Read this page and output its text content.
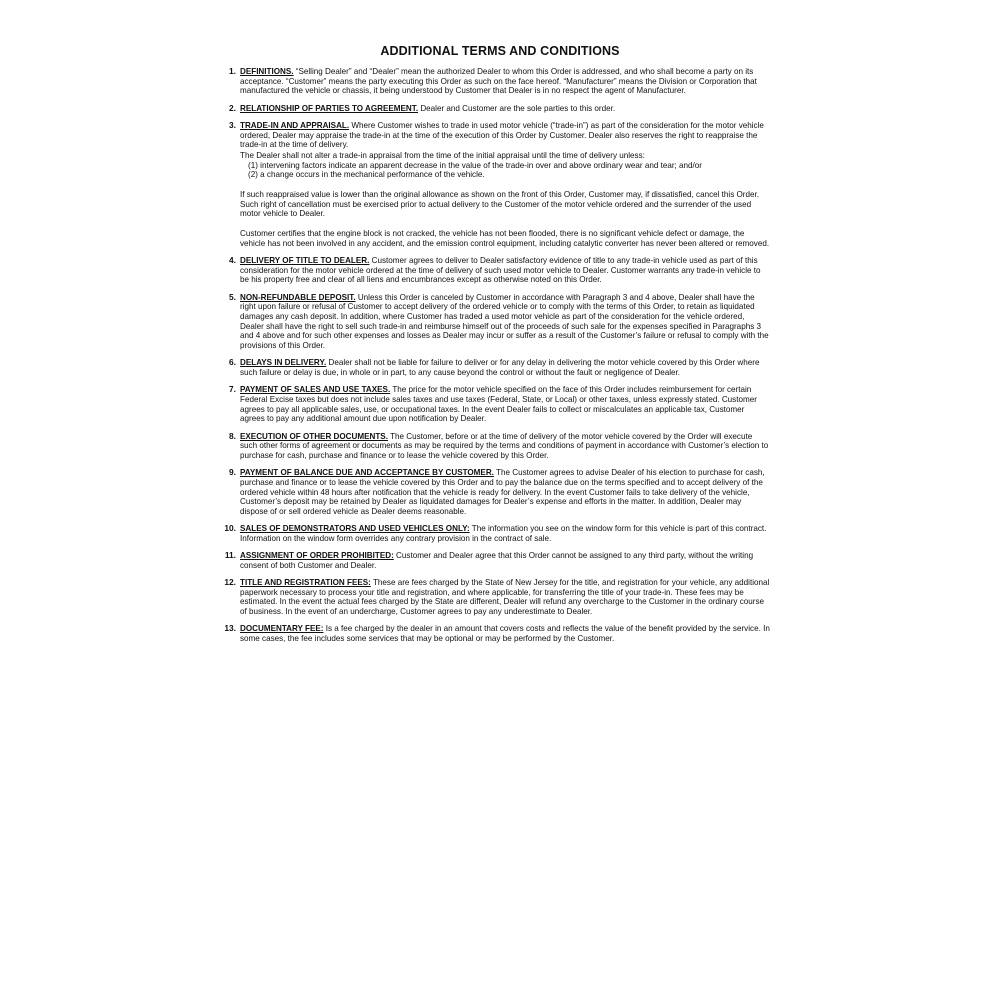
ADDITIONAL TERMS AND CONDITIONS
1. DEFINITIONS. “Selling Dealer” and “Dealer” mean the authorized Dealer to whom this Order is addressed, and who shall become a party on its acceptance. “Customer” means the party executing this Order as such on the face hereof. “Manufacturer” means the Division or Corporation that manufactured the vehicle or chassis, it being understood by Customer that Dealer is in no respect the agent of Manufacturer.
2. RELATIONSHIP OF PARTIES TO AGREEMENT. Dealer and Customer are the sole parties to this order.
3. TRADE-IN AND APPRAISAL. Where Customer wishes to trade in used motor vehicle (“trade-in”) as part of the consideration for the motor vehicle ordered, Dealer may appraise the trade-in at the time of the execution of this Order by Customer. Dealer also reserves the right to reappraise the trade-in at the time of delivery.
The Dealer shall not alter a trade-in appraisal from the time of the initial appraisal until the time of delivery unless:
(1) intervening factors indicate an apparent decrease in the value of the trade-in over and above ordinary wear and tear; and/or
(2) a change occurs in the mechanical performance of the vehicle.
If such reappraised value is lower than the original allowance as shown on the front of this Order, Customer may, if dissatisfied, cancel this Order. Such right of cancellation must be exercised prior to actual delivery to the Customer of the motor vehicle ordered and the surrender of the used motor vehicle to Dealer.
Customer certifies that the engine block is not cracked, the vehicle has not been flooded, there is no significant vehicle defect or damage, the vehicle has not been involved in any accident, and the emission control equipment, including catalytic converter has never been altered or removed.
4. DELIVERY OF TITLE TO DEALER. Customer agrees to deliver to Dealer satisfactory evidence of title to any trade-in vehicle used as part of this consideration for the motor vehicle ordered at the time of delivery of such used motor vehicle to Dealer. Customer warrants any trade-in vehicle to be his property free and clear of all liens and encumbrances except as otherwise noted on this Order.
5. NON-REFUNDABLE DEPOSIT. Unless this Order is canceled by Customer in accordance with Paragraph 3 and 4 above, Dealer shall have the right upon failure or refusal of Customer to accept delivery of the ordered vehicle or to comply with the terms of this Order, to retain as liquidated damages any cash deposit. In addition, where Customer has traded a used motor vehicle as part of the consideration for the vehicle ordered, Dealer shall have the right to sell such trade-in and reimburse himself out of the proceeds of such sale for the expenses specified in Paragraphs 3 and 4 above and for such other expenses and losses as Dealer may incur or suffer as a result of the Customer’s failure or refusal to comply with the provisions of this Order.
6. DELAYS IN DELIVERY. Dealer shall not be liable for failure to deliver or for any delay in delivering the motor vehicle covered by this Order where such failure or delay is due, in whole or in part, to any cause beyond the control or without the fault or negligence of Dealer.
7. PAYMENT OF SALES AND USE TAXES. The price for the motor vehicle specified on the face of this Order includes reimbursement for certain Federal Excise taxes but does not include sales taxes and use taxes (Federal, State, or Local) or other taxes, unless expressly stated. Customer agrees to pay all applicable sales, use, or occupational taxes. In the event Dealer fails to collect or miscalculates an applicable tax, Customer agrees to pay any additional amount due upon notification by Dealer.
8. EXECUTION OF OTHER DOCUMENTS. The Customer, before or at the time of delivery of the motor vehicle covered by the Order will execute such other forms of agreement or documents as may be required by the terms and conditions of payment in accordance with Customer’s election to purchase for cash, purchase and finance or to lease the vehicle covered by this Order.
9. PAYMENT OF BALANCE DUE AND ACCEPTANCE BY CUSTOMER. The Customer agrees to advise Dealer of his election to purchase for cash, purchase and finance or to lease the vehicle covered by this Order and to pay the balance due on the terms specified and to accept delivery of the ordered vehicle within 48 hours after notification that the vehicle is ready for delivery. In the event Customer fails to take delivery of the vehicle, Customer’s deposit may be retained by Dealer as liquidated damages for Dealer’s expense and efforts in the matter. In addition, Dealer may dispose of or sell ordered vehicle as Dealer deems reasonable.
10. SALES OF DEMONSTRATORS AND USED VEHICLES ONLY: The information you see on the window form for this vehicle is part of this contract. Information on the window form overrides any contrary provision in the contract of sale.
11. ASSIGNMENT OF ORDER PROHIBITED: Customer and Dealer agree that this Order cannot be assigned to any third party, without the writing consent of both Customer and Dealer.
12. TITLE AND REGISTRATION FEES: These are fees charged by the State of New Jersey for the title, and registration for your vehicle, any additional paperwork necessary to process your title and registration, and where applicable, for transferring the title of your trade-in. These fees may be estimated. In the event the actual fees charged by the State are different, Dealer will refund any overcharge to the Customer in the ordinary course of business. In the event of an undercharge, Customer agrees to pay any underestimate to Dealer.
13. DOCUMENTARY FEE: Is a fee charged by the dealer in an amount that covers costs and reflects the value of the benefit provided by the service. In some cases, the fee includes some services that may be optional or may be performed by the Customer.
